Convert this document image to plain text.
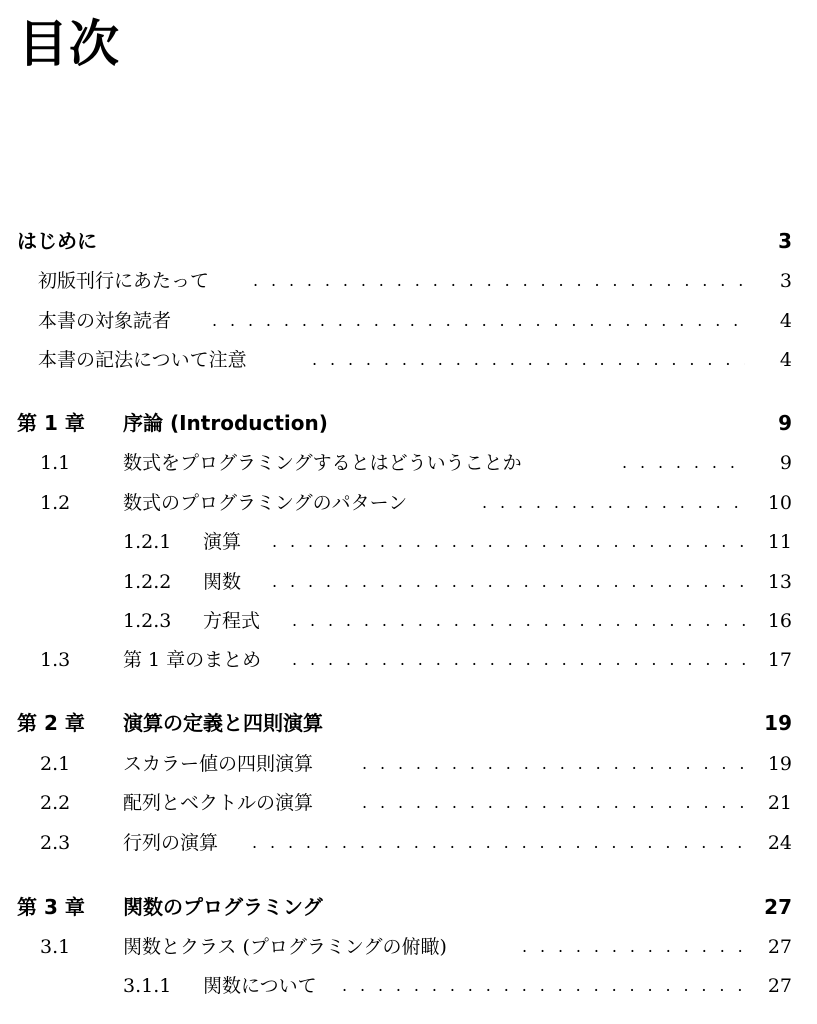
目次
はじめに	3
初版刊行にあたって . . .	3
本書の対象読者 . . .	4
本書の記法について注意 . . .	4
第 1 章 序論 (Introduction)	9
1.1	数式をプログラミングするとはどういうことか . . .	9
1.2	数式のプログラミングのパターン . . .	10
1.2.1 演算 . . .	11
1.2.2 関数 . . .	13
1.2.3 方程式 . . .	16
1.3	第 1 章のまとめ . . .	17
第 2 章 演算の定義と四則演算	19
2.1	スカラー値の四則演算 . . .	19
2.2	配列とベクトルの演算 . . .	21
2.3	行列の演算 . . .	24
第 3 章 関数のプログラミング	27
3.1	関数とクラス (プログラミングの俯瞰) . . .	27
3.1.1 関数について . . .	27
